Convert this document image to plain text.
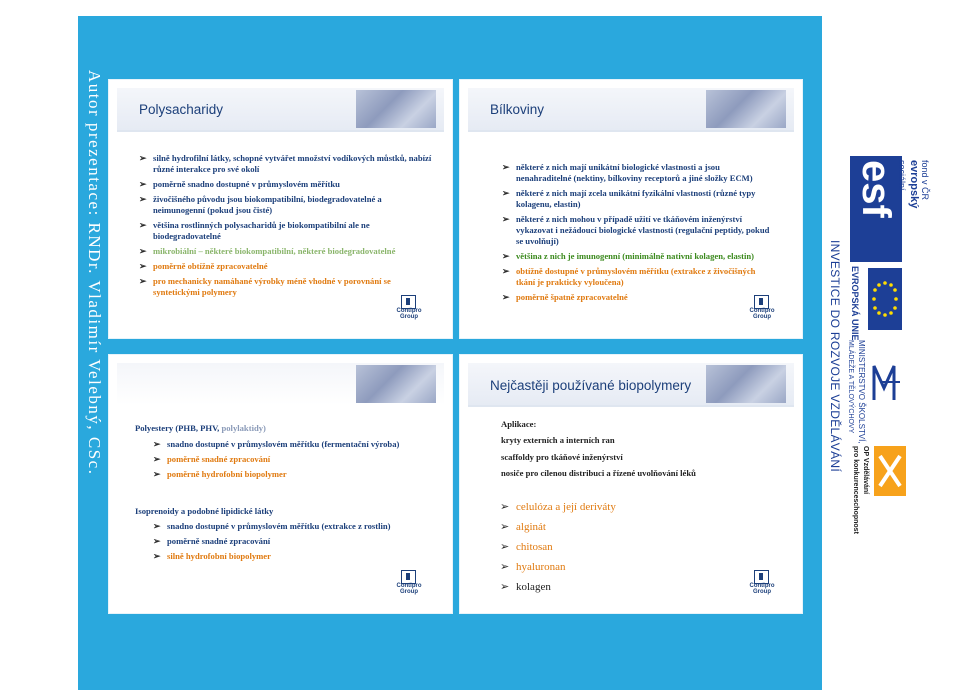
Autor prezentace: RNDr. Vladimír Velebný, CSc.	Polysacharidy
➢ silně hydrofilní látky, schopné vytvářet množství vodíkových můstků, nabízí různé interakce pro své okolí
➢ poměrně snadno dostupné v průmyslovém měřítku
➢ živočišného původu jsou biokompatibilní, biodegradovatelné a neimunogenní (pokud jsou čisté)
➢ většina rostlinných polysacharidů je biokompatibilní ale ne biodegradovatelné
➢ mikrobiální – některé biokompatibilní, některé biodegradovatelné
➢ poměrně obtížně zpracovatelné
➢ pro mechanicky namáhané výrobky méně vhodné v porovnání se syntetickými polymery
Contipro Group
Bílkoviny
➢ některé z nich mají unikátní biologické vlastnosti a jsou nenahraditelné (nektiny, bílkoviny receptorů a jiné složky ECM)
➢ některé z nich mají zcela unikátní fyzikální vlastnosti (různé typy kolagenu, elastin)
➢ některé z nich mohou v případě užití ve tkáňovém inženýrství vykazovat i nežádoucí biologické vlastnosti (regulační peptidy, pokud se uvolňují)
➢ většina z nich je imunogenní (minimálně nativní kolagen, elastin)
➢ obtížně dostupné v průmyslovém měřítku (extrakce z živočišných tkání je prakticky vyloučena)
➢ poměrně špatně zpracovatelné
Contipro Group
Polyestery (PHB, PHV, polylaktidy)
➢ snadno dostupné v průmyslovém měřítku (fermentační výroba)
➢ poměrně snadné zpracování
➢ poměrně hydrofobní biopolymer
Isoprenoidy a podobné lipidické látky
➢ snadno dostupné v průmyslovém měřítku (extrakce z rostlin)
➢ poměrně snadné zpracování
➢ silně hydrofobní biopolymer
Contipro Group
Nejčastěji používané biopolymery
Aplikace:
kryty externích a interních ran
scaffoldy pro tkáňové inženýrství
nosiče pro cílenou distribuci a řízené uvolňování léků
➢ celulóza a její deriváty
➢ alginát
➢ chitosan
➢ hyaluronan
➢ kolagen	Contipro Group
esf evropský
sociální fond v ČR
EVROPSKÁ UNIE
MINISTERSTVO ŠKOLSTVÍ,
MLÁDEŽE A TĚLOVÝCHOVY
OP Vzdělávání
pro konkurenceschopnost
INVESTICE DO ROZVOJE VZDĚLÁVÁNÍ
